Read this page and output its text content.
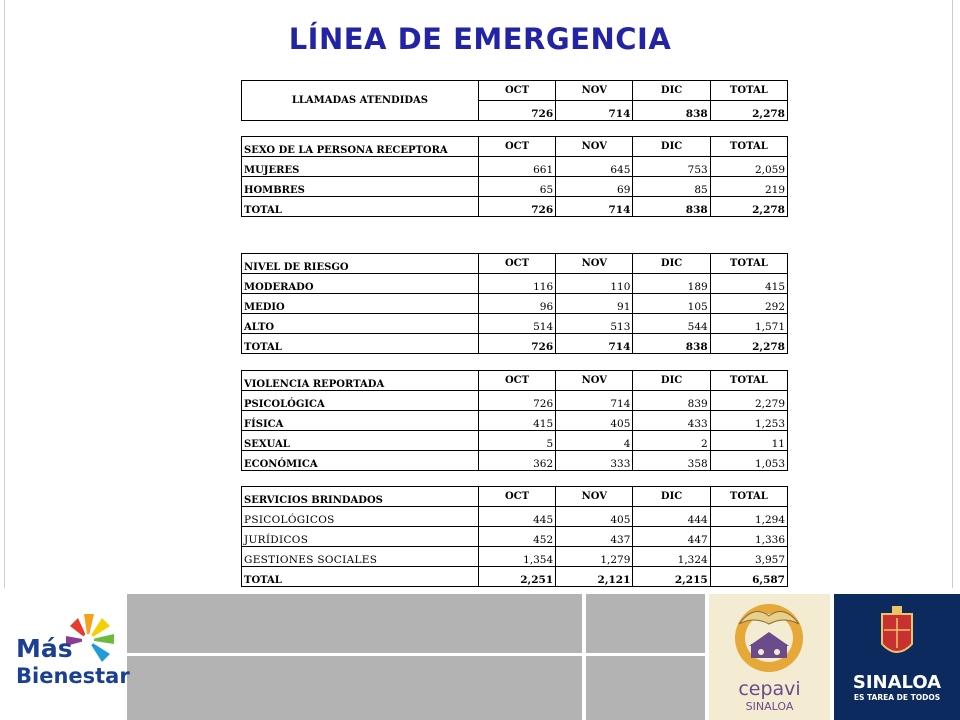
LÍNEA DE EMERGENCIA
LLAMADAS ATENDIDAS	OCT	NOV	DIC	TOTAL
	726	714	838	2,278
SEXO DE LA PERSONA RECEPTORA	OCT	NOV	DIC	TOTAL
MUJERES	661	645	753	2,059
HOMBRES	65	69	85	219
TOTAL	726	714	838	2,278
NIVEL DE RIESGO	OCT	NOV	DIC	TOTAL
MODERADO	116	110	189	415
MEDIO	96	91	105	292
ALTO	514	513	544	1,571
TOTAL	726	714	838	2,278
VIOLENCIA REPORTADA	OCT	NOV	DIC	TOTAL
PSICOLÓGICA	726	714	839	2,279
FÍSICA	415	405	433	1,253
SEXUAL	5	4	2	11
ECONÓMICA	362	333	358	1,053
SERVICIOS BRINDADOS	OCT	NOV	DIC	TOTAL
PSICOLÓGICOS	445	405	444	1,294
JURÍDICOS	452	437	447	1,336
GESTIONES SOCIALES	1,354	1,279	1,324	3,957
TOTAL	2,251	2,121	2,215	6,587
Más
Bienestar
cepavi
SINALOA
SINALOA
ES TAREA DE TODOS
